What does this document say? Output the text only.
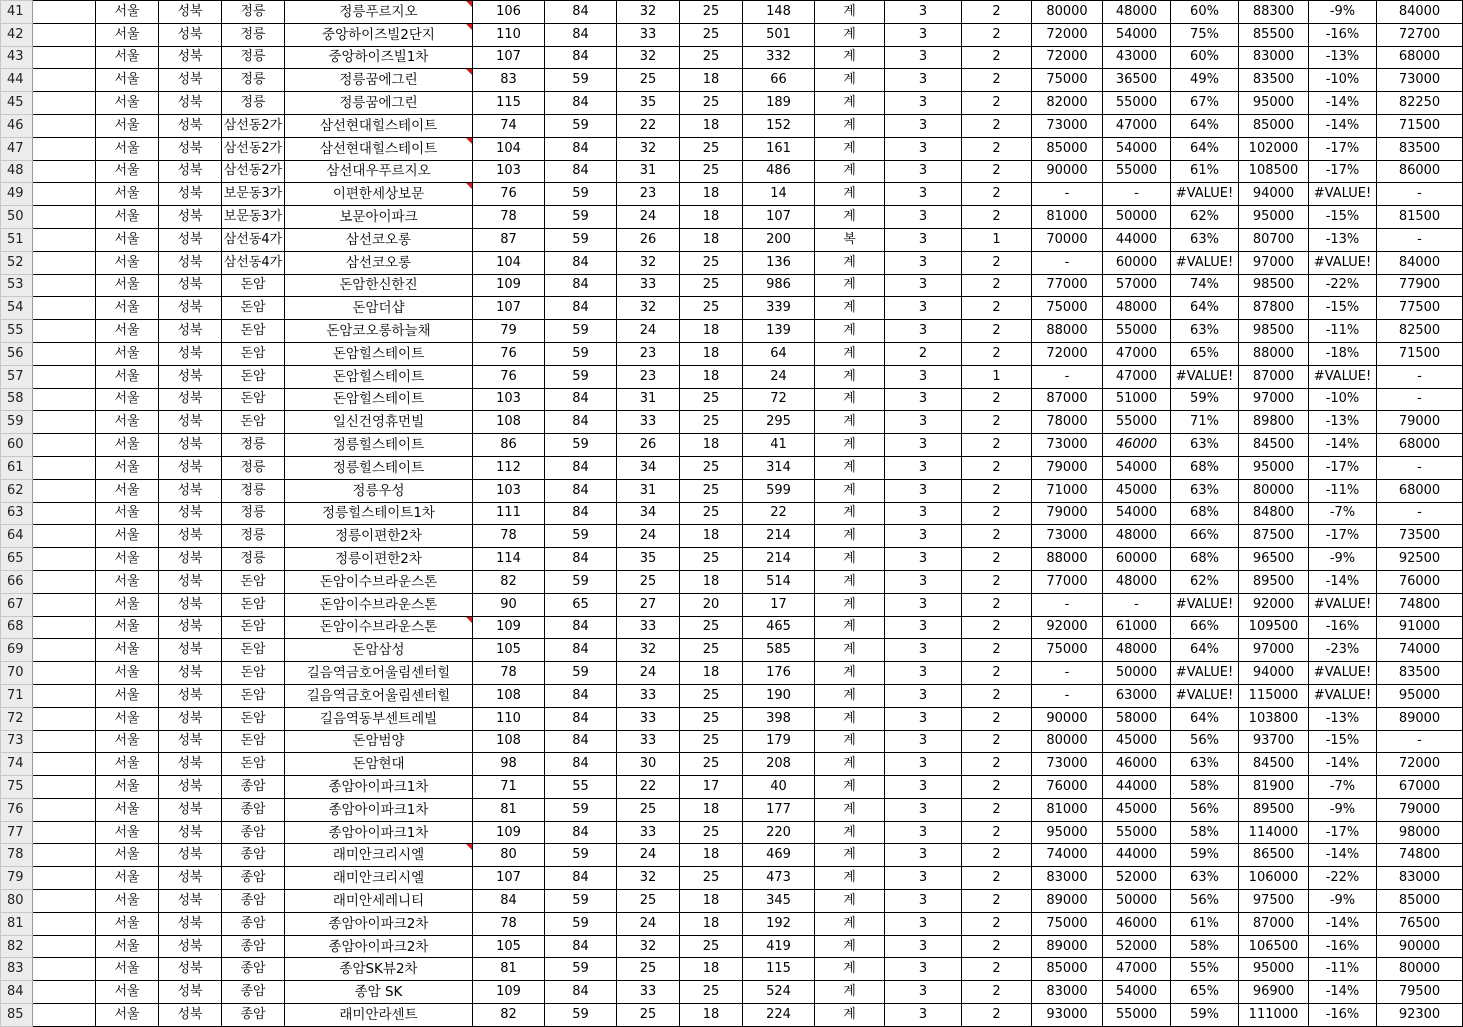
41		서울	성북	정릉	정릉푸르지오	106	84	32	25	148	계	3	2	80000	48000	60%	88300	-9%	84000
42		서울	성북	정릉	중앙하이즈빌2단지	110	84	33	25	501	계	3	2	72000	54000	75%	85500	-16%	72700
43		서울	성북	정릉	중앙하이즈빌1차	107	84	32	25	332	계	3	2	72000	43000	60%	83000	-13%	68000
44		서울	성북	정릉	정릉꿈에그린	83	59	25	18	66	계	3	2	75000	36500	49%	83500	-10%	73000
45		서울	성북	정릉	정릉꿈에그린	115	84	35	25	189	계	3	2	82000	55000	67%	95000	-14%	82250
46		서울	성북	삼선동2가	삼선현대힐스테이트	74	59	22	18	152	계	3	2	73000	47000	64%	85000	-14%	71500
47		서울	성북	삼선동2가	삼선현대힐스테이트	104	84	32	25	161	계	3	2	85000	54000	64%	102000	-17%	83500
48		서울	성북	삼선동2가	삼선대우푸르지오	103	84	31	25	486	계	3	2	90000	55000	61%	108500	-17%	86000
49		서울	성북	보문동3가	이편한세상보문	76	59	23	18	14	계	3	2	-	-	#VALUE!	94000	#VALUE!	-
50		서울	성북	보문동3가	보문아이파크	78	59	24	18	107	계	3	2	81000	50000	62%	95000	-15%	81500
51		서울	성북	삼선동4가	삼선코오롱	87	59	26	18	200	복	3	1	70000	44000	63%	80700	-13%	-
52		서울	성북	삼선동4가	삼선코오롱	104	84	32	25	136	계	3	2	-	60000	#VALUE!	97000	#VALUE!	84000
53		서울	성북	돈암	돈암한신한진	109	84	33	25	986	계	3	2	77000	57000	74%	98500	-22%	77900
54		서울	성북	돈암	돈암더샵	107	84	32	25	339	계	3	2	75000	48000	64%	87800	-15%	77500
55		서울	성북	돈암	돈암코오롱하늘채	79	59	24	18	139	계	3	2	88000	55000	63%	98500	-11%	82500
56		서울	성북	돈암	돈암힐스테이트	76	59	23	18	64	계	2	2	72000	47000	65%	88000	-18%	71500
57		서울	성북	돈암	돈암힐스테이트	76	59	23	18	24	계	3	1	-	47000	#VALUE!	87000	#VALUE!	-
58		서울	성북	돈암	돈암힐스테이트	103	84	31	25	72	계	3	2	87000	51000	59%	97000	-10%	-
59		서울	성북	돈암	일신건영휴먼빌	108	84	33	25	295	계	3	2	78000	55000	71%	89800	-13%	79000
60		서울	성북	정릉	정릉힐스테이트	86	59	26	18	41	계	3	2	73000	46000	63%	84500	-14%	68000
61		서울	성북	정릉	정릉힐스테이트	112	84	34	25	314	계	3	2	79000	54000	68%	95000	-17%	-
62		서울	성북	정릉	정릉우성	103	84	31	25	599	계	3	2	71000	45000	63%	80000	-11%	68000
63		서울	성북	정릉	정릉힐스테이트1차	111	84	34	25	22	계	3	2	79000	54000	68%	84800	-7%	-
64		서울	성북	정릉	정릉이편한2차	78	59	24	18	214	계	3	2	73000	48000	66%	87500	-17%	73500
65		서울	성북	정릉	정릉이편한2차	114	84	35	25	214	계	3	2	88000	60000	68%	96500	-9%	92500
66		서울	성북	돈암	돈암이수브라운스톤	82	59	25	18	514	계	3	2	77000	48000	62%	89500	-14%	76000
67		서울	성북	돈암	돈암이수브라운스톤	90	65	27	20	17	계	3	2	-	-	#VALUE!	92000	#VALUE!	74800
68		서울	성북	돈암	돈암이수브라운스톤	109	84	33	25	465	계	3	2	92000	61000	66%	109500	-16%	91000
69		서울	성북	돈암	돈암삼성	105	84	32	25	585	계	3	2	75000	48000	64%	97000	-23%	74000
70		서울	성북	돈암	길음역금호어울림센터힐	78	59	24	18	176	계	3	2	-	50000	#VALUE!	94000	#VALUE!	83500
71		서울	성북	돈암	길음역금호어울림센터힐	108	84	33	25	190	계	3	2	-	63000	#VALUE!	115000	#VALUE!	95000
72		서울	성북	돈암	길음역동부센트레빌	110	84	33	25	398	계	3	2	90000	58000	64%	103800	-13%	89000
73		서울	성북	돈암	돈암범양	108	84	33	25	179	계	3	2	80000	45000	56%	93700	-15%	-
74		서울	성북	돈암	돈암현대	98	84	30	25	208	계	3	2	73000	46000	63%	84500	-14%	72000
75		서울	성북	종암	종암아이파크1차	71	55	22	17	40	계	3	2	76000	44000	58%	81900	-7%	67000
76		서울	성북	종암	종암아이파크1차	81	59	25	18	177	계	3	2	81000	45000	56%	89500	-9%	79000
77		서울	성북	종암	종암아이파크1차	109	84	33	25	220	계	3	2	95000	55000	58%	114000	-17%	98000
78		서울	성북	종암	래미안크리시엘	80	59	24	18	469	계	3	2	74000	44000	59%	86500	-14%	74800
79		서울	성북	종암	래미안크리시엘	107	84	32	25	473	계	3	2	83000	52000	63%	106000	-22%	83000
80		서울	성북	종암	래미안세레니티	84	59	25	18	345	계	3	2	89000	50000	56%	97500	-9%	85000
81		서울	성북	종암	종암아이파크2차	78	59	24	18	192	계	3	2	75000	46000	61%	87000	-14%	76500
82		서울	성북	종암	종암아이파크2차	105	84	32	25	419	계	3	2	89000	52000	58%	106500	-16%	90000
83		서울	성북	종암	종암SK뷰2차	81	59	25	18	115	계	3	2	85000	47000	55%	95000	-11%	80000
84		서울	성북	종암	종암 SK	109	84	33	25	524	계	3	2	83000	54000	65%	96900	-14%	79500
85		서울	성북	종암	래미안라센트	82	59	25	18	224	계	3	2	93000	55000	59%	111000	-16%	92300
